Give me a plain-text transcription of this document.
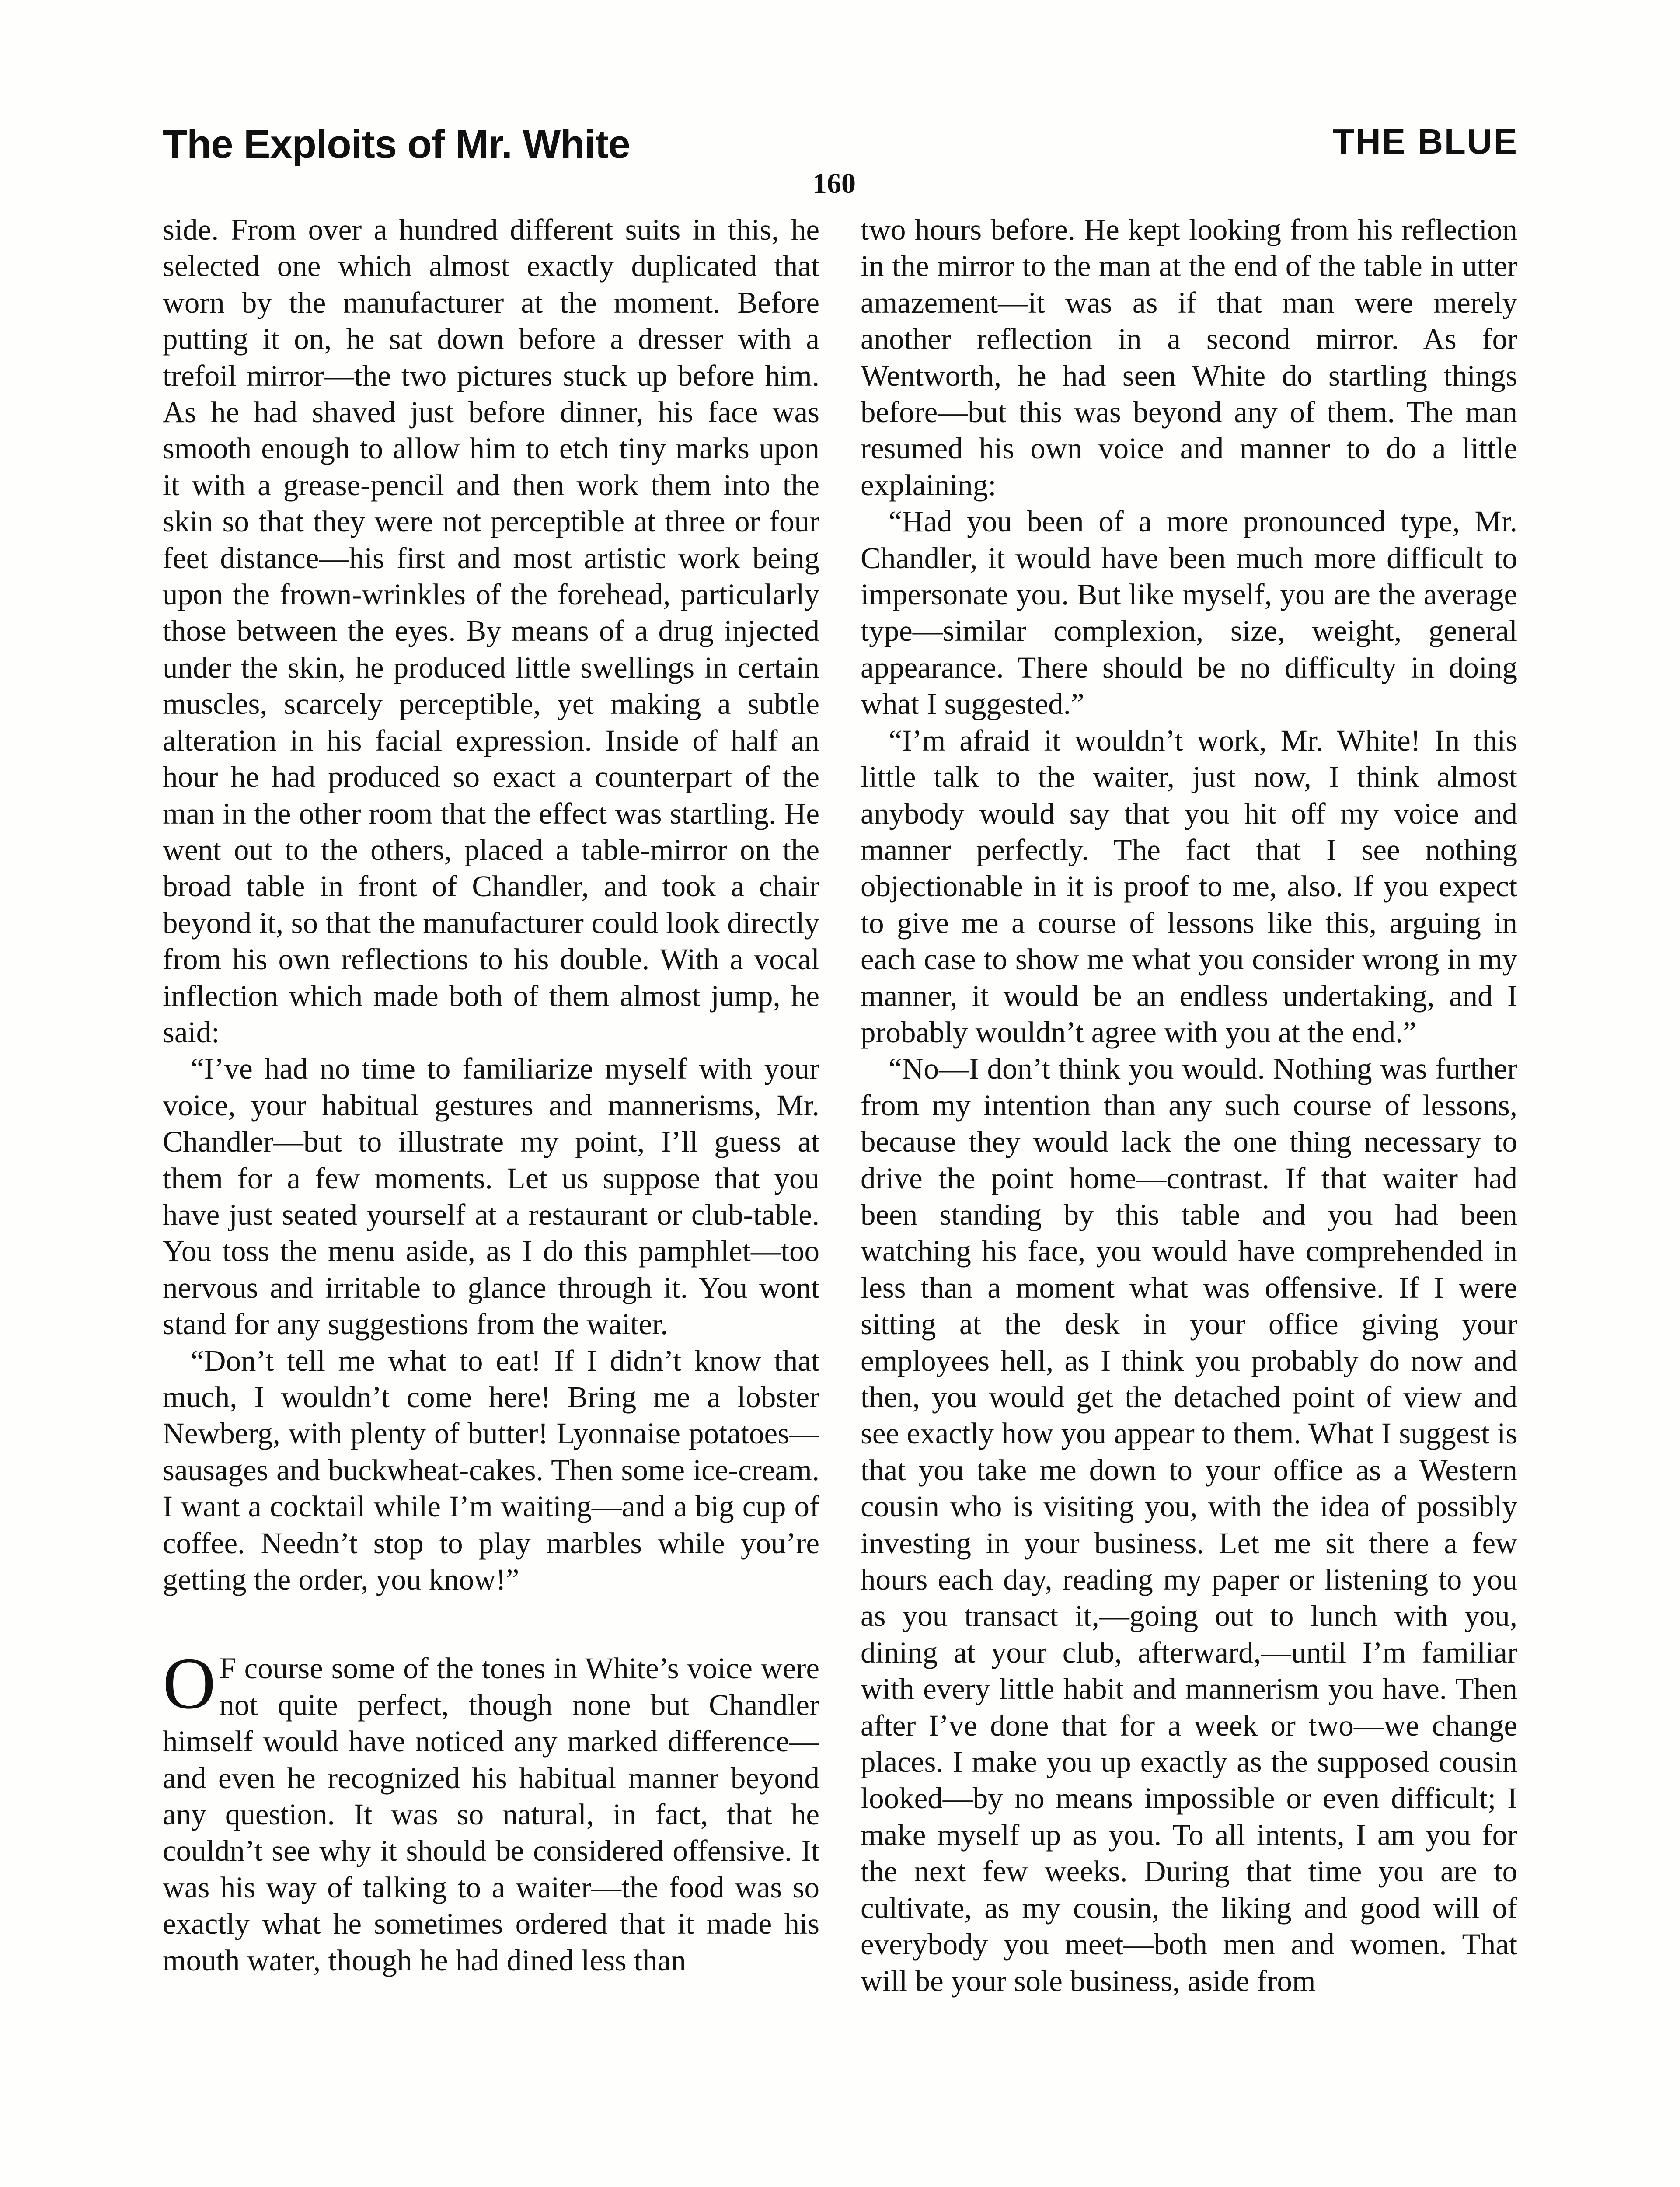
The Exploits of Mr. White	THE BLUE
160

side. From over a hundred different suits in this, he selected one which almost exactly duplicated that worn by the manufacturer at the moment. Before putting it on, he sat down before a dresser with a trefoil mirror—the two pictures stuck up before him. As he had shaved just before dinner, his face was smooth enough to allow him to etch tiny marks upon it with a grease-pencil and then work them into the skin so that they were not perceptible at three or four feet distance—his first and most artistic work being upon the frown-wrinkles of the forehead, particularly those between the eyes. By means of a drug injected under the skin, he produced little swellings in certain muscles, scarcely perceptible, yet making a subtle alteration in his facial expression. Inside of half an hour he had produced so exact a counterpart of the man in the other room that the effect was startling. He went out to the others, placed a table-mirror on the broad table in front of Chandler, and took a chair beyond it, so that the manufacturer could look directly from his own reflections to his double. With a vocal inflection which made both of them almost jump, he said:

“I’ve had no time to familiarize myself with your voice, your habitual gestures and mannerisms, Mr. Chandler—but to illustrate my point, I’ll guess at them for a few moments. Let us suppose that you have just seated yourself at a restaurant or club-table. You toss the menu aside, as I do this pamphlet—too nervous and irritable to glance through it. You wont stand for any suggestions from the waiter.

“Don’t tell me what to eat! If I didn’t know that much, I wouldn’t come here! Bring me a lobster Newberg, with plenty of butter! Lyonnaise potatoes—sausages and buckwheat-cakes. Then some ice-cream. I want a cocktail while I’m waiting—and a big cup of coffee. Needn’t stop to play marbles while you’re getting the order, you know!”

O F course some of the tones in White’s voice were not quite perfect, though none but Chandler himself would have noticed any marked difference—and even he recognized his habitual manner beyond any question. It was so natural, in fact, that he couldn’t see why it should be considered offensive. It was his way of talking to a waiter—the food was so exactly what he sometimes ordered that it made his mouth water, though he had dined less than

two hours before. He kept looking from his reflection in the mirror to the man at the end of the table in utter amazement—it was as if that man were merely another reflection in a second mirror. As for Wentworth, he had seen White do startling things before—but this was beyond any of them. The man resumed his own voice and manner to do a little explaining:

“Had you been of a more pronounced type, Mr. Chandler, it would have been much more difficult to impersonate you. But like myself, you are the average type—similar complexion, size, weight, general appearance. There should be no difficulty in doing what I suggested.”

“I’m afraid it wouldn’t work, Mr. White! In this little talk to the waiter, just now, I think almost anybody would say that you hit off my voice and manner perfectly. The fact that I see nothing objectionable in it is proof to me, also. If you expect to give me a course of lessons like this, arguing in each case to show me what you consider wrong in my manner, it would be an endless undertaking, and I probably wouldn’t agree with you at the end.”

“No—I don’t think you would. Nothing was further from my intention than any such course of lessons, because they would lack the one thing necessary to drive the point home—contrast. If that waiter had been standing by this table and you had been watching his face, you would have comprehended in less than a moment what was offensive. If I were sitting at the desk in your office giving your employees hell, as I think you probably do now and then, you would get the detached point of view and see exactly how you appear to them. What I suggest is that you take me down to your office as a Western cousin who is visiting you, with the idea of possibly investing in your business. Let me sit there a few hours each day, reading my paper or listening to you as you transact it,—going out to lunch with you, dining at your club, afterward,—until I’m familiar with every little habit and mannerism you have. Then after I’ve done that for a week or two—we change places. I make you up exactly as the supposed cousin looked—by no means impossible or even difficult; I make myself up as you. To all intents, I am you for the next few weeks. During that time you are to cultivate, as my cousin, the liking and good will of everybody you meet—both men and women. That will be your sole business, aside from
